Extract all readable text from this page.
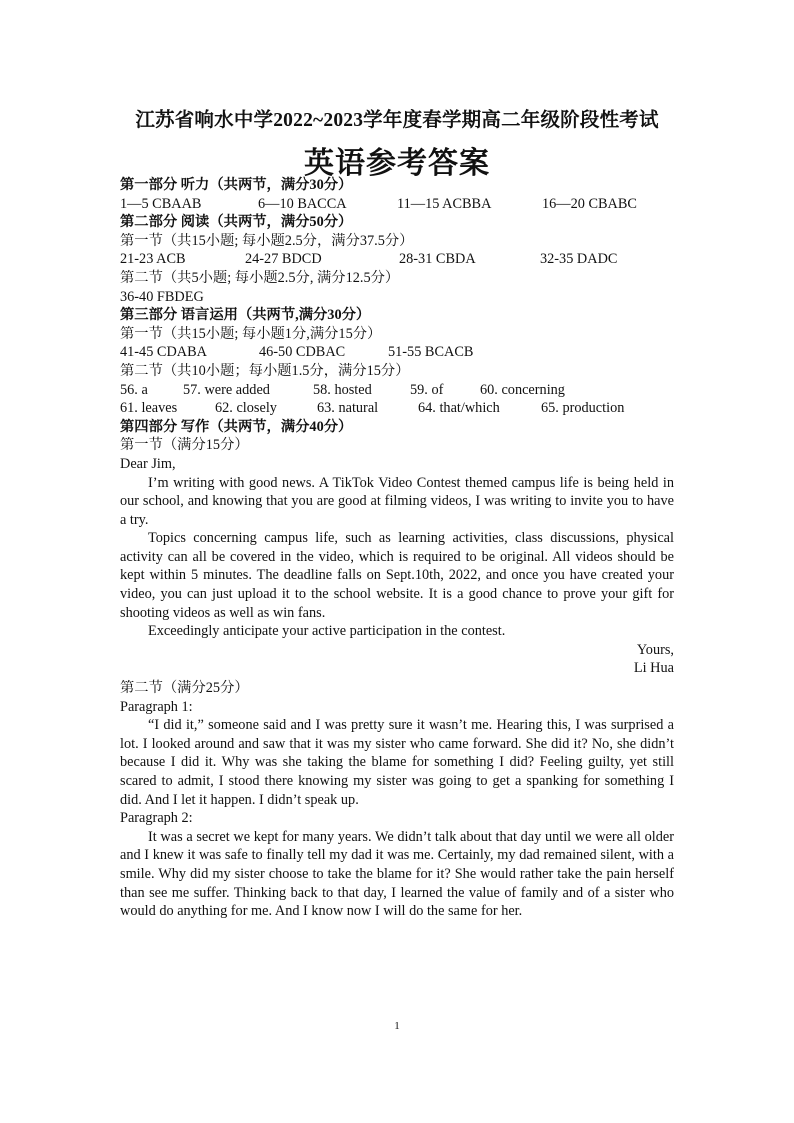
江苏省响水中学2022~2023学年度春学期高二年级阶段性考试
英语参考答案
第一部分 听力（共两节，满分30分）
1—5 CBAAB	6—10 BACCA	11—15 ACBBA	16—20 CBABC
第二部分 阅读（共两节，满分50分）
第一节（共15小题; 每小题2.5分，满分37.5分）
21-23 ACB	24-27 BDCD	28-31 CBDA	32-35 DADC
第二节（共5小题; 每小题2.5分, 满分12.5分）
36-40 FBDEG
第三部分 语言运用（共两节,满分30分）
第一节（共15小题; 每小题1分,满分15分）
41-45 CDABA	46-50 CDBAC	51-55 BCACB
第二节（共10小题；每小题1.5分，满分15分）
56. a	57. were added	58. hosted	59. of	60. concerning
61. leaves	62. closely	63. natural	64. that/which	65. production
第四部分 写作（共两节，满分40分）
第一节（满分15分）

Dear Jim,

I’m writing with good news. A TikTok Video Contest themed campus life is being held in our school, and knowing that you are good at filming videos, I was writing to invite you to have a try.

Topics concerning campus life, such as learning activities, class discussions, physical activity can all be covered in the video, which is required to be original. All videos should be kept within 5 minutes. The deadline falls on Sept.10th, 2022, and once you have created your video, you can just upload it to the school website. It is a good chance to prove your gift for shooting videos as well as win fans.

Exceedingly anticipate your active participation in the contest.

Yours,

Li Hua

第二节（满分25分）

Paragraph 1:

“I did it,” someone said and I was pretty sure it wasn’t me. Hearing this, I was surprised a lot. I looked around and saw that it was my sister who came forward. She did it? No, she didn’t because I did it. Why was she taking the blame for something I did? Feeling guilty, yet still scared to admit, I stood there knowing my sister was going to get a spanking for something I did. And I let it happen. I didn’t speak up.

Paragraph 2:

It was a secret we kept for many years. We didn’t talk about that day until we were all older and I knew it was safe to finally tell my dad it was me. Certainly, my dad remained silent, with a smile. Why did my sister choose to take the blame for it? She would rather take the pain herself than see me suffer. Thinking back to that day, I learned the value of family and of a sister who would do anything for me. And I know now I will do the same for her.

1
